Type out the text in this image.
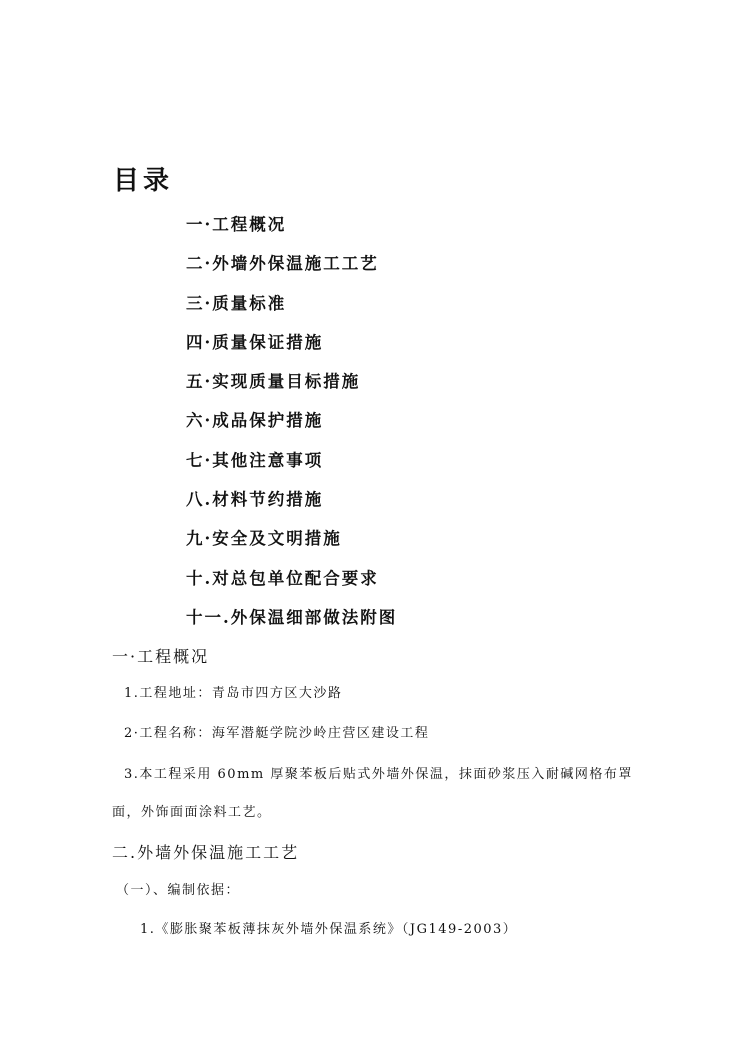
目录
一·工程概况
二·外墙外保温施工工艺
三·质量标准
四·质量保证措施
五·实现质量目标措施
六·成品保护措施
七·其他注意事项
八.材料节约措施
九·安全及文明措施
十.对总包单位配合要求
十一.外保温细部做法附图
一·工程概况
1.工程地址：青岛市四方区大沙路
2·工程名称：海军潜艇学院沙岭庄营区建设工程
3.本工程采用 60mm 厚聚苯板后贴式外墙外保温，抹面砂浆压入耐碱网格布罩
面，外饰面面涂料工艺。
二.外墙外保温施工工艺
（一）、编制依据：
1.《膨胀聚苯板薄抹灰外墙外保温系统》（JG149-2003）
